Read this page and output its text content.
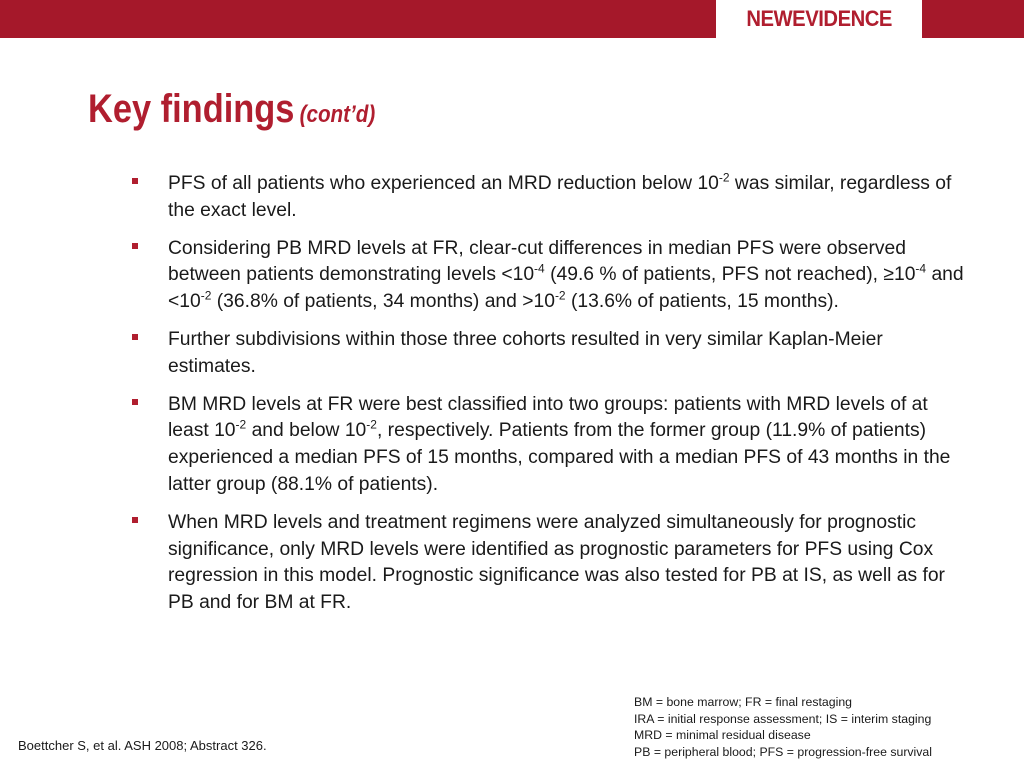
NEWEVIDENCE
Key findings (cont’d)
PFS of all patients who experienced an MRD reduction below $10^{-2}$ was similar, regardless of the exact level.
Considering PB MRD levels at FR, clear-cut differences in median PFS were observed between patients demonstrating levels $<10^{-4}$ (49.6 % of patients, PFS not reached), $\ge 10^{-4}$ and $<10^{-2}$ (36.8% of patients, 34 months) and $>10^{-2}$ (13.6% of patients, 15 months).
Further subdivisions within those three cohorts resulted in very similar Kaplan-Meier estimates.
BM MRD levels at FR were best classified into two groups: patients with MRD levels of at least $10^{-2}$ and below $10^{-2}$, respectively. Patients from the former group (11.9% of patients) experienced a median PFS of 15 months, compared with a median PFS of 43 months in the latter group (88.1% of patients).
When MRD levels and treatment regimens were analyzed simultaneously for prognostic significance, only MRD levels were identified as prognostic parameters for PFS using Cox regression in this model. Prognostic significance was also tested for PB at IS, as well as for PB and for BM at FR.
Boettcher S, et al. ASH 2008; Abstract 326.
BM = bone marrow; FR = final restaging
IRA = initial response assessment; IS = interim staging
MRD = minimal residual disease
PB = peripheral blood; PFS = progression-free survival
